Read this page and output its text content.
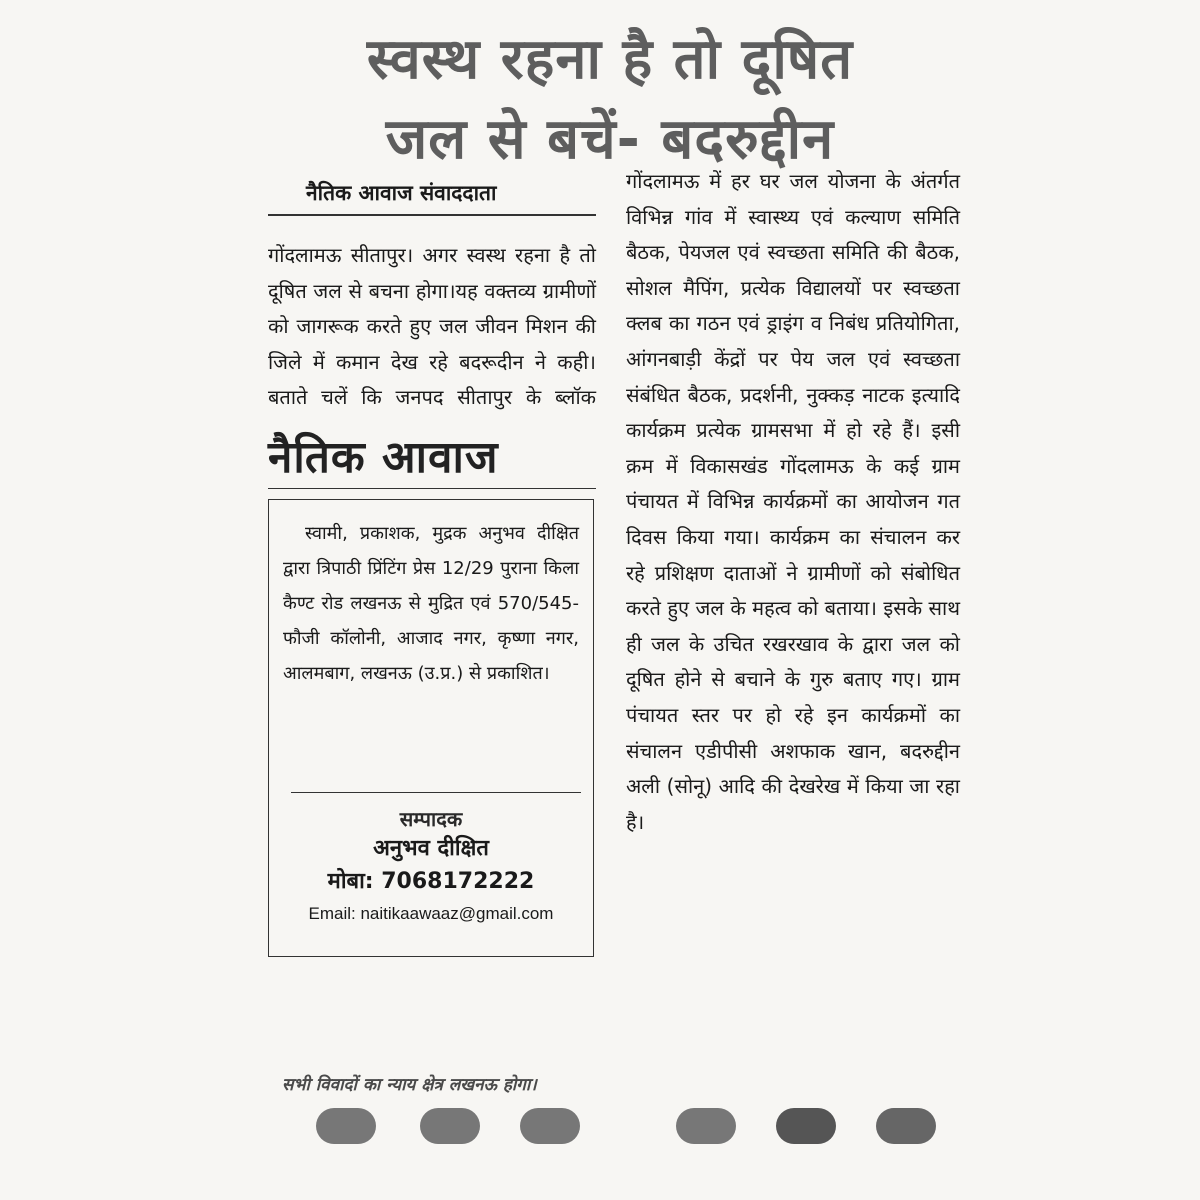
स्वस्थ रहना है तो दूषित
जल से बचें- बदरुद्दीन
नैतिक आवाज संवाददाता
गोंदलामऊ सीतापुर। अगर स्वस्थ रहना है तो दूषित जल से बचना होगा।यह वक्तव्य ग्रामीणों को जागरूक करते हुए जल जीवन मिशन की जिले में कमान देख रहे बदरूदीन ने कही। बताते चलें कि जनपद सीतापुर के ब्लॉक
नैतिक आवाज
स्वामी, प्रकाशक, मुद्रक अनुभव दीक्षित द्वारा त्रिपाठी प्रिंटिंग प्रेस 12/29 पुराना किला कैण्ट रोड लखनऊ से मुद्रित एवं 570/545- फौजी कॉलोनी, आजाद नगर, कृष्णा नगर, आलमबाग, लखनऊ (उ.प्र.) से प्रकाशित।
सम्पादक
अनुभव दीक्षित
मोबा: 7068172222
Email: naitikaawaaz@gmail.com
सभी विवादों का न्याय क्षेत्र लखनऊ होगा।
गोंदलामऊ में हर घर जल योजना के अंतर्गत विभिन्न गांव में स्वास्थ्य एवं कल्याण समिति बैठक, पेयजल एवं स्वच्छता समिति की बैठक, सोशल मैपिंग, प्रत्येक विद्यालयों पर स्वच्छता क्लब का गठन एवं ड्राइंग व निबंध प्रतियोगिता, आंगनबाड़ी केंद्रों पर पेय जल एवं स्वच्छता संबंधित बैठक, प्रदर्शनी, नुक्कड़ नाटक इत्यादि कार्यक्रम प्रत्येक ग्रामसभा में हो रहे हैं। इसी क्रम में विकासखंड गोंदलामऊ के कई ग्राम पंचायत में विभिन्न कार्यक्रमों का आयोजन गत दिवस किया गया। कार्यक्रम का संचालन कर रहे प्रशिक्षण दाताओं ने ग्रामीणों को संबोधित करते हुए जल के महत्व को बताया। इसके साथ ही जल के उचित रखरखाव के द्वारा जल को दूषित होने से बचाने के गुरु बताए गए। ग्राम पंचायत स्तर पर हो रहे इन कार्यक्रमों का संचालन एडीपीसी अशफाक खान, बदरुद्दीन अली (सोनू) आदि की देखरेख में किया जा रहा है।
